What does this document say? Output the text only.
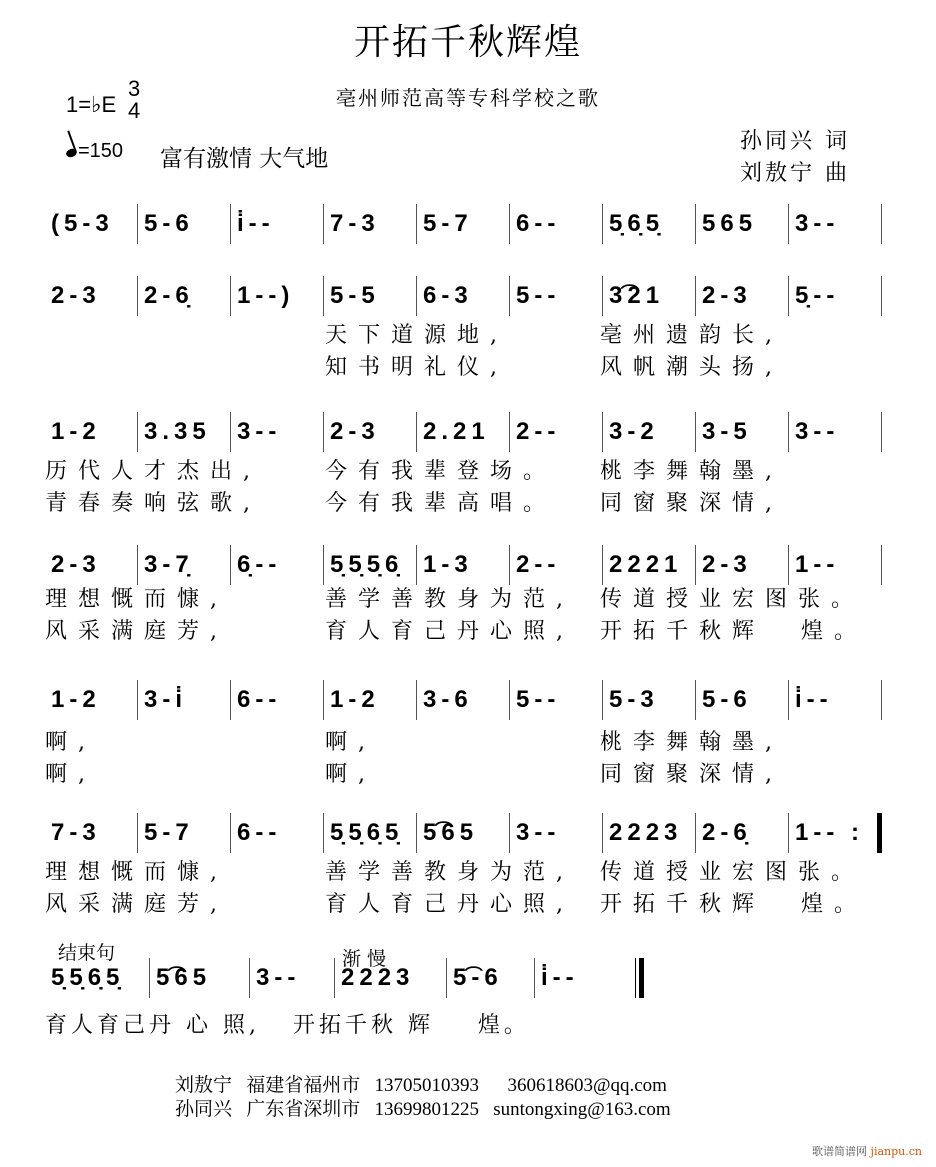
开拓千秋辉煌
亳州师范高等专科学校之歌
1=♭E
3
4
=150 富有激情 大气地
孙同兴 词
刘敖宁 曲
(5‑3	5‑6	i̇‑‑	7‑3	5‑7	6‑‑	5̣6̣5̣	565	3‑‑
2‑3	2‑6̣	1‑‑)	5‑5	6‑3	5‑‑	3͡21	2‑3	5̣‑‑
天下道源地,	亳州遗韵长,
知书明礼仪,	风帆潮头扬,
1‑2	3.35	3‑‑	2‑3	2.21	2‑‑	3‑2	3‑5	3‑‑
历代人才杰出,	今有我辈登场。 桃李舞翰墨,
青春奏响弦歌,	今有我辈高唱。 同窗聚深情,
2‑3	3‑7̣	6̣‑‑	5̣5̣5̣6̣ 1‑3	2‑‑	2221 2‑3	1‑‑
理想慨而慷,	善学善教身为范, 传道授业宏图张。
风采满庭芳,	育人育己丹心照, 开拓千秋辉  煌。
1‑2	3‑i̇	6‑‑	1‑2	3‑6	5‑‑	5‑3	5‑6	i̇‑‑
啊,	啊,	桃李舞翰墨,
啊,	啊,	同窗聚深情,
7‑3	5‑7	6‑‑	5̣5̣6̣5̣ 5͡65	3‑‑	2223 2‑6̣	1‑‑ :
理想慨而慷,	善学善教身为范, 传道授业宏图张。
风采满庭芳,	育人育己丹心照, 开拓千秋辉  煌。
结束句	渐 慢
5̣5̣6̣5̣	5͡65	3‑‑	2223	5͡‑6	i̇‑‑
育人育己丹 心 照,   开拓千秋 辉    煌。
刘敖宁   福建省福州市   13705010393      360618603@qq.com
孙同兴   广东省深圳市   13699801225   suntongxing@163.com
歌谱简谱网 jianpu.cn
